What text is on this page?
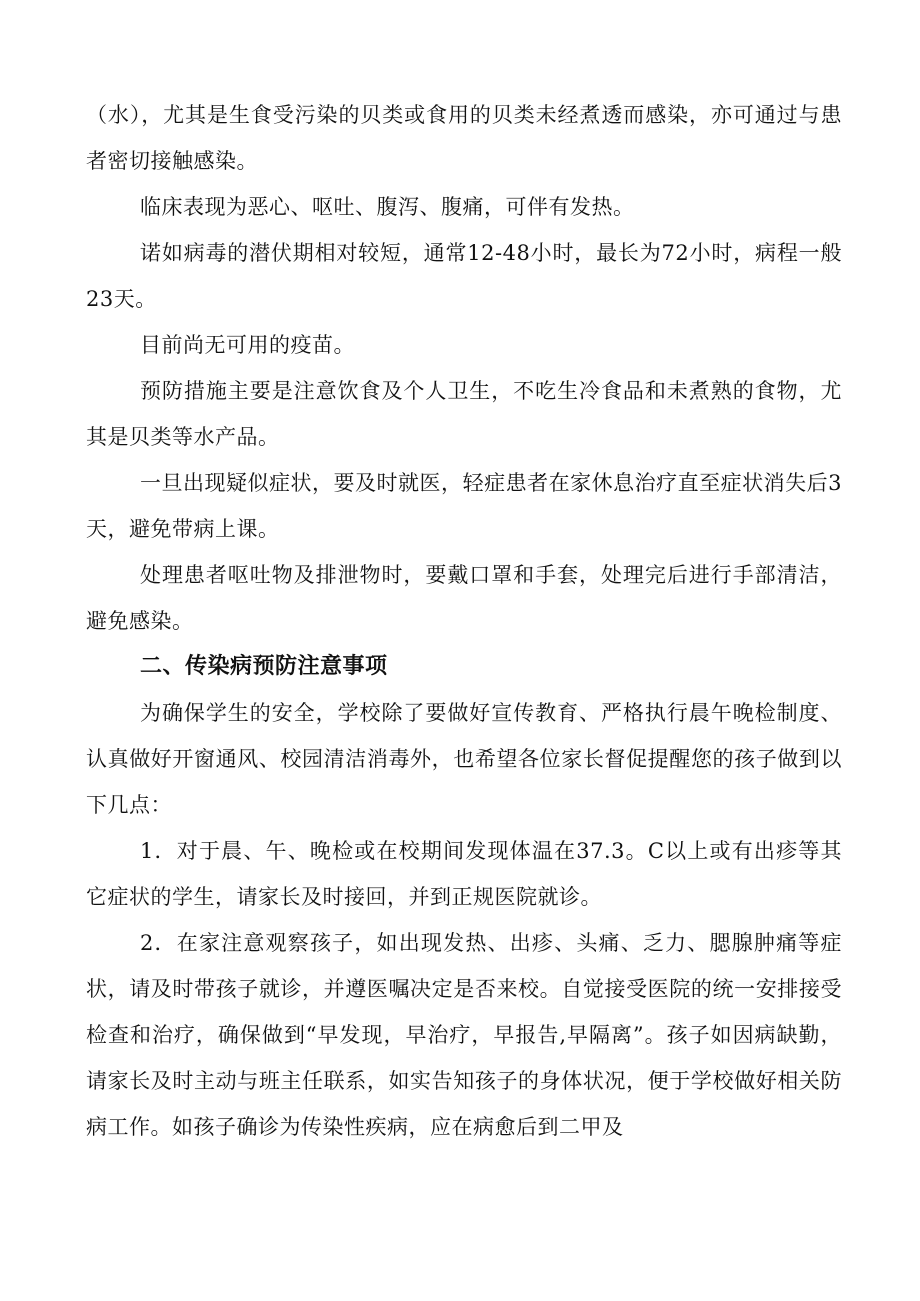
（水），尤其是生食受污染的贝类或食用的贝类未经煮透而感染，亦可通过与患者密切接触感染。

临床表现为恶心、呕吐、腹泻、腹痛，可伴有发热。

诺如病毒的潜伏期相对较短，通常12-48小时，最长为72小时，病程一般23天。

目前尚无可用的疫苗。

预防措施主要是注意饮食及个人卫生，不吃生冷食品和未煮熟的食物，尤其是贝类等水产品。

一旦出现疑似症状，要及时就医，轻症患者在家休息治疗直至症状消失后3天，避免带病上课。

处理患者呕吐物及排泄物时，要戴口罩和手套，处理完后进行手部清洁，避免感染。

二、传染病预防注意事项

为确保学生的安全，学校除了要做好宣传教育、严格执行晨午晚检制度、认真做好开窗通风、校园清洁消毒外，也希望各位家长督促提醒您的孩子做到以下几点：

1．对于晨、午、晚检或在校期间发现体温在37.3。C以上或有出疹等其它症状的学生，请家长及时接回，并到正规医院就诊。

2．在家注意观察孩子，如出现发热、出疹、头痛、乏力、腮腺肿痛等症状，请及时带孩子就诊，并遵医嘱决定是否来校。自觉接受医院的统一安排接受检查和治疗，确保做到“早发现，早治疗，早报告,早隔离”。孩子如因病缺勤，请家长及时主动与班主任联系，如实告知孩子的身体状况，便于学校做好相关防病工作。如孩子确诊为传染性疾病，应在病愈后到二甲及
